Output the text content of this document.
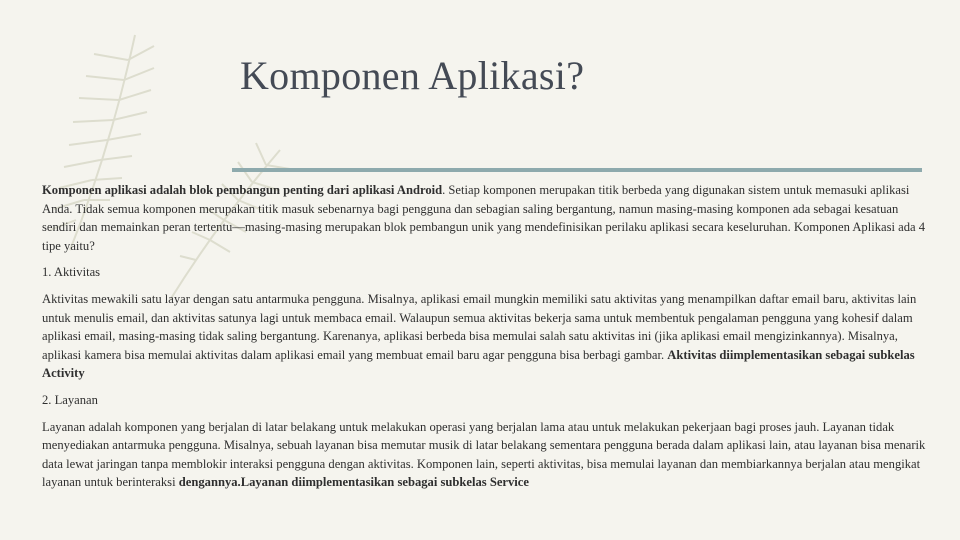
Komponen Aplikasi?

Komponen aplikasi adalah blok pembangun penting dari aplikasi Android. Setiap komponen merupakan titik berbeda yang digunakan sistem untuk memasuki aplikasi Anda. Tidak semua komponen merupakan titik masuk sebenarnya bagi pengguna dan sebagian saling bergantung, namun masing-masing komponen ada sebagai kesatuan sendiri dan memainkan peran tertentu—masing-masing merupakan blok pembangun unik yang mendefinisikan perilaku aplikasi secara keseluruhan. Komponen Aplikasi ada 4 tipe yaitu?

1. Aktivitas

Aktivitas mewakili satu layar dengan satu antarmuka pengguna. Misalnya, aplikasi email mungkin memiliki satu aktivitas yang menampilkan daftar email baru, aktivitas lain untuk menulis email, dan aktivitas satunya lagi untuk membaca email. Walaupun semua aktivitas bekerja sama untuk membentuk pengalaman pengguna yang kohesif dalam aplikasi email, masing-masing tidak saling bergantung. Karenanya, aplikasi berbeda bisa memulai salah satu aktivitas ini (jika aplikasi email mengizinkannya). Misalnya, aplikasi kamera bisa memulai aktivitas dalam aplikasi email yang membuat email baru agar pengguna bisa berbagi gambar. Aktivitas diimplementasikan sebagai subkelas Activity

2. Layanan

Layanan adalah komponen yang berjalan di latar belakang untuk melakukan operasi yang berjalan lama atau untuk melakukan pekerjaan bagi proses jauh. Layanan tidak menyediakan antarmuka pengguna. Misalnya, sebuah layanan bisa memutar musik di latar belakang sementara pengguna berada dalam aplikasi lain, atau layanan bisa menarik data lewat jaringan tanpa memblokir interaksi pengguna dengan aktivitas. Komponen lain, seperti aktivitas, bisa memulai layanan dan membiarkannya berjalan atau mengikat layanan untuk berinteraksi dengannya.Layanan diimplementasikan sebagai subkelas Service
